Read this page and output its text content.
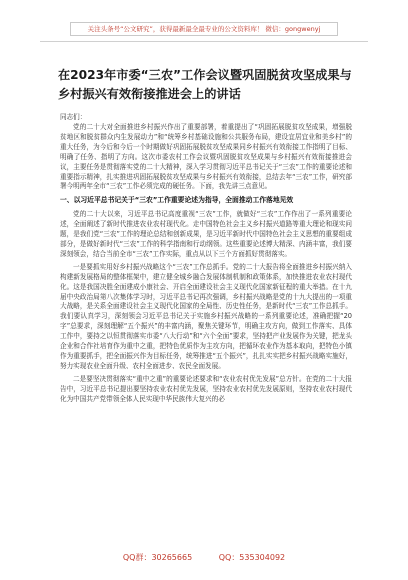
关注头条号“公文研究”，获得最新最全最专业的公文资料库！ 微信：gongwenyj
在2023年市委“三农”工作会议暨巩固脱贫攻坚成果与乡村振兴有效衔接推进会上的讲话
同志们：

党的二十大对全面推进乡村振兴作出了重要部署，着重提出了“巩固拓展脱贫攻坚成果，增强脱贫地区和脱贫群众内生发展动力”和“统筹乡村基础设施和公共服务布局，建设宜居宜业和美乡村”的重大任务，为今后和今后一个时期做好巩固拓展脱贫攻坚成果同乡村振兴有效衔接工作指明了目标、明确了任务、指明了方向。这次市委农村工作会议暨巩固脱贫攻坚成果与乡村振兴有效衔接推进会议，主要任务是贯彻落实党的二十大精神，深入学习贯彻习近平总书记关于“三农”工作的重要论述和重要指示精神，扎实推进巩固拓展脱贫攻坚成果与乡村振兴有效衔接，总结去年“三农”工作，研究部署今明两年全市“三农”工作必须完成的硬任务。下面，我先讲三点意见。

一、以习近平总书记关于“三农”工作重要论述为指导，全面推动工作落地见效

党的二十大以来，习近平总书记高度重视“三农”工作，就做好“三农”工作作出了一系列重要论述，全面阐述了新时代推进农业农村现代化。走中国特色社会主义乡村振兴道路等重大理论和现实问题，是我们党“三农”工作的理论总结和创新成果，是习近平新时代中国特色社会主义思想的重要组成部分，是做好新时代“三农”工作的科学指南和行动纲领。这些重要论述博大精深、内涵丰富，我们要深刻领会，结合当前全市“三农”工作实际，重点从以下三个方面抓好贯彻落实。

一是要抓实用好乡村振兴战略这个“三农”工作总抓手。党的二十大报告将全面推进乡村振兴纳入构建新发展格局的整体框架中，建立健全城乡融合发展体制机制和政策体系，加快推进农业农村现代化。这是我国决胜全面建成小康社会、开启全面建设社会主义现代化国家新征程的重大举措。在十九届中央政治局第八次集体学习时，习近平总书记再次强调，乡村振兴战略是党的十九大提出的一项重大战略，是关系全面建设社会主义现代化国家的全局性、历史性任务，是新时代“三农”工作总抓手。我们要认真学习，深刻领会习近平总书记关于实施乡村振兴战略的一系列重要论述，准确把握“20字”总要求，深刻理解“五个振兴”的丰富内涵，聚焦关键环节，明确主攻方向，做到工作落实、具体工作中，要持之以恒贯彻落实市委“八大行动”和“六个全面”要求，坚持把产业发展作为关键，把龙头企业和合作社培育作为重中之重，把特色优质作为主攻方向，把循环农业作为基本取向，把特色小镇作为重要抓手，把全面振兴作为目标任务，统筹推进“五个振兴”，扎扎实实把乡村振兴战略实施好，努力实现农业全面升级、农村全面进步、农民全面发展。

二是要坚决贯彻落实“重中之重”的重要论述要求和“农业农村优先发展”总方针。在党的二十大报告中，习近平总书记提出要坚持农业农村优先发展，坚持农业农村优先发展原则，坚持农业农村现代化为中国共产党带领全体人民实现中华民族伟大复兴的必

QQ群：30265665	QQ：535304092
